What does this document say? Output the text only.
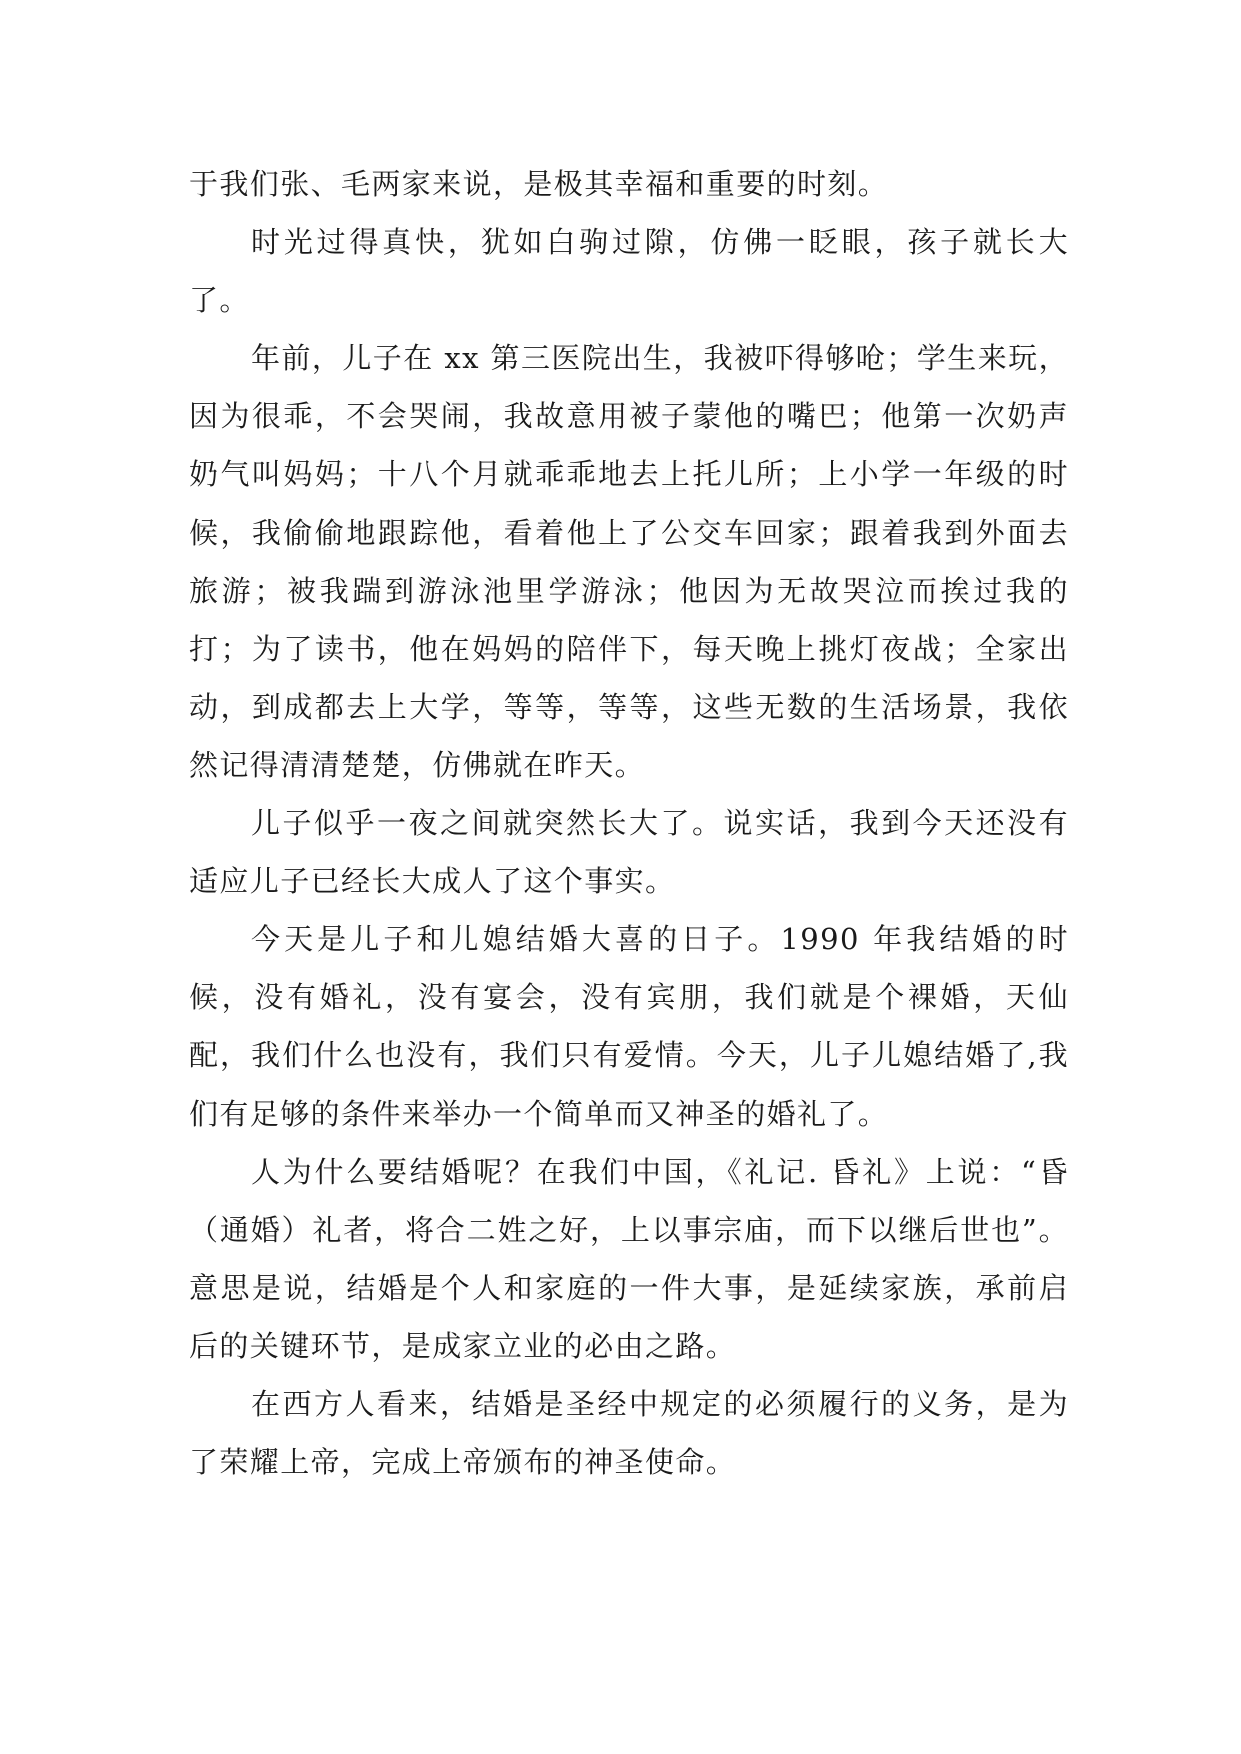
于我们张、毛两家来说，是极其幸福和重要的时刻。

时光过得真快，犹如白驹过隙，仿佛一眨眼，孩子就长大了。

年前，儿子在 xx 第三医院出生，我被吓得够呛；学生来玩，因为很乖，不会哭闹，我故意用被子蒙他的嘴巴；他第一次奶声奶气叫妈妈；十八个月就乖乖地去上托儿所；上小学一年级的时候，我偷偷地跟踪他，看着他上了公交车回家；跟着我到外面去旅游；被我踹到游泳池里学游泳；他因为无故哭泣而挨过我的打；为了读书，他在妈妈的陪伴下，每天晚上挑灯夜战；全家出动，到成都去上大学，等等，等等，这些无数的生活场景，我依然记得清清楚楚，仿佛就在昨天。

儿子似乎一夜之间就突然长大了。说实话，我到今天还没有适应儿子已经长大成人了这个事实。

今天是儿子和儿媳结婚大喜的日子。1990 年我结婚的时候，没有婚礼，没有宴会，没有宾朋，我们就是个裸婚，天仙配，我们什么也没有，我们只有爱情。今天，儿子儿媳结婚了,我们有足够的条件来举办一个简单而又神圣的婚礼了。

人为什么要结婚呢？在我们中国，《礼记. 昏礼》上说：“昏（通婚）礼者，将合二姓之好，上以事宗庙，而下以继后世也”。意思是说，结婚是个人和家庭的一件大事，是延续家族，承前启后的关键环节，是成家立业的必由之路。

在西方人看来，结婚是圣经中规定的必须履行的义务，是为了荣耀上帝，完成上帝颁布的神圣使命。
